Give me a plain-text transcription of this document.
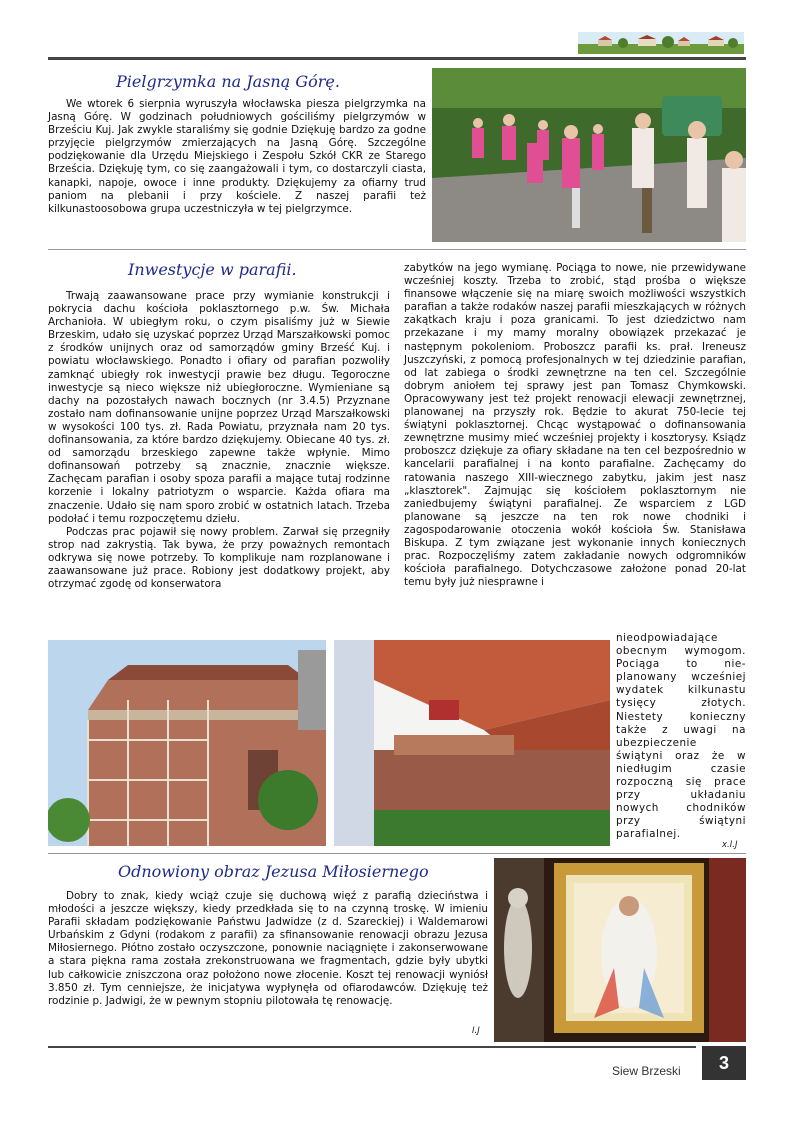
Pielgrzymka na Jasną Górę.

We wtorek 6 sierpnia wyruszyła włocławska piesza pielgrzymka na Jasną Górę. W godzinach południowych gościliśmy pielgrzymów w Brześciu Kuj. Jak zwykle staraliśmy się godnie Dziękuję bardzo za godne przyjęcie pielgrzymów zmierzających na Jasną Górę. Szczególne podziękowanie dla Urzędu Miejskiego i Zespołu Szkół CKR ze Starego Brześcia. Dziękuję tym, co się zaangażowali i tym, co dostarczyli ciasta, kanapki, napoje, owoce i inne produkty. Dziękujemy za ofiarny trud paniom na plebanii i przy kościele. Z naszej parafii też kilkunastoosobowa grupa uczestniczyła w tej pielgrzymce.

Inwestycje w parafii.

Trwają zaawansowane prace przy wymianie konstrukcji i pokrycia dachu kościoła poklasztornego p.w. Św. Michała Archanioła. W ubiegłym roku, o czym pisaliśmy już w Siewie Brzeskim, udało się uzyskać poprzez Urząd Marszałkowski pomoc z środków unijnych oraz od samorządów gminy Brześć Kuj. i powiatu włocławskiego. Ponadto i ofiary od parafian pozwoliły zamknąć ubiegły rok inwestycji prawie bez długu. Tegoroczne inwestycje są nieco większe niż ubiegłoroczne. Wymieniane są dachy na pozostałych nawach bocznych (nr 3.4.5) Przyznane zostało nam dofinansowanie unijne poprzez Urząd Marszałkowski w wysokości 100 tys. zł. Rada Powiatu, przyznała nam 20 tys. dofinansowania, za które bardzo dziękujemy. Obiecane 40 tys. zł. od samorządu brzeskiego zapewne także wpłynie. Mimo dofinansowań potrzeby są znacznie, znacznie większe. Zachęcam parafian i osoby spoza parafii a mające tutaj rodzinne korzenie i lokalny patriotyzm o wsparcie. Każda ofiara ma znaczenie. Udało się nam sporo zrobić w ostatnich latach. Trzeba podołać i temu rozpoczętemu dziełu.

Podczas prac pojawił się nowy problem. Zarwał się przegniły strop nad zakrystią. Tak bywa, że przy poważnych remontach odkrywa się nowe potrzeby. To komplikuje nam rozplanowane i zaawansowane już prace. Robiony jest dodatkowy projekt, aby otrzymać zgodę od konserwatora

zabytków na jego wymianę. Pociąga to nowe, nie przewidywane wcześniej koszty. Trzeba to zrobić, stąd prośba o większe finansowe włączenie się na miarę swoich możliwości wszystkich parafian a także rodaków naszej parafii mieszkających w różnych zakątkach kraju i poza granicami. To jest dziedzictwo nam przekazane i my mamy moralny obowiązek przekazać je następnym pokoleniom. Proboszcz parafii ks. prał. Ireneusz Juszczyński, z pomocą profesjonalnych w tej dziedzinie parafian, od lat zabiega o środki zewnętrzne na ten cel. Szczególnie dobrym aniołem tej sprawy jest pan Tomasz Chymkowski. Opracowywany jest też projekt renowacji elewacji zewnętrznej, planowanej na przyszły rok. Będzie to akurat 750-lecie tej świątyni poklasztornej. Chcąc wystąpować o dofinansowania zewnętrzne musimy mieć wcześniej projekty i kosztorysy. Ksiądz proboszcz dziękuje za ofiary składane na ten cel bezpośrednio w kancelarii parafialnej i na konto parafialne. Zachęcamy do ratowania naszego XIII-wiecznego zabytku, jakim jest nasz „klasztorek". Zajmując się kościołem poklasztornym nie zaniedbujemy świątyni parafialnej. Ze wsparciem z LGD planowane są jeszcze na ten rok nowe chodniki i zagospodarowanie otoczenia wokół kościoła Św. Stanisława Biskupa. Z tym związane jest wykonanie innych koniecznych prac. Rozpoczęliśmy zatem zakładanie nowych odgromników kościoła parafialnego. Dotychczasowe założone ponad 20-lat temu były już niesprawne i

nieodpowiadające obecnym wymogom. Pociąga to nie-planowany wcześniej wydatek kilkunastu tysięcy złotych. Niestety konieczny także z uwagi na ubezpieczenie świątyni oraz że w niedługim czasie rozpoczną się prace przy układaniu nowych chodników przy świątyni parafialnej.

x.I.J
Odnowiony obraz Jezusa Miłosiernego

Dobry to znak, kiedy wciąż czuje się duchową więź z parafią dzieciństwa i młodości a jeszcze większy, kiedy przedkłada się to na czynną troskę. W imieniu Parafii składam podziękowanie Państwu Jadwidze (z d. Szareckiej) i Waldemarowi Urbańskim z Gdyni (rodakom z parafii) za sfinansowanie renowacji obrazu Jezusa Miłosiernego. Płótno zostało oczyszczone, ponownie naciągnięte i zakonserwowane a stara piękna rama została zrekonstruowana we fragmentach, gdzie były ubytki lub całkowicie zniszczona oraz położono nowe złocenie. Koszt tej renowacji wyniósł 3.850 zł. Tym cenniejsze, że inicjatywa wypłynęła od ofiarodawców. Dziękuję też rodzinie p. Jadwigi, że w pewnym stopniu pilotowała tę renowację.

I.J
Siew Brzeski	3
